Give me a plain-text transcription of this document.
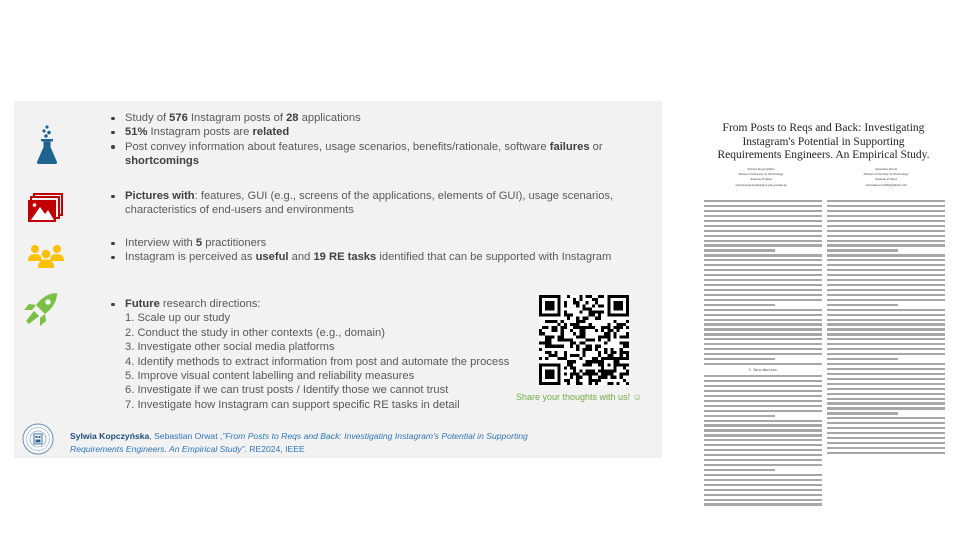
Study of 576 Instagram posts of 28 applications
51% Instagram posts are related
Post convey information about features, usage scenarios, benefits/rationale, software failures or shortcomings
Pictures with: features, GUI (e.g., screens of the applications, elements of GUI), usage scenarios, characteristics of end-users and environments
Interview with 5 practitioners
Instagram is perceived as useful and 19 RE tasks identified that can be supported with Instagram
Future research directions:
1. Scale up our study
2. Conduct the study in other contexts (e.g., domain)
3. Investigate other social media platforms
4. Identify methods to extract information from post and automate the process
5. Improve visual content labelling and reliability measures
6. Investigate if we can trust posts / Identify those we cannot trust
7. Investigate how Instagram can support specific RE tasks in detail
Share your thoughts with us! ☺
Sylwia Kopczyńska, Sebastian Orwat ,”From Posts to Reqs and Back: Investigating Instagram's Potential in Supporting Requirements Engineers. An Empirical Study”. RE2024, IEEE
From Posts to Reqs and Back: Investigating Instagram's Potential in Supporting Requirements Engineers. An Empirical Study.
Sylwia Kopczyńska
Poznan University of Technology
Poznan, Poland
sylwia.kopczynska@cs.put.poznan.pl
Sebastian Orwat
Poznan University of Technology
Poznan, Poland
sebastianorwat99@gmail.com
I. Introduction
